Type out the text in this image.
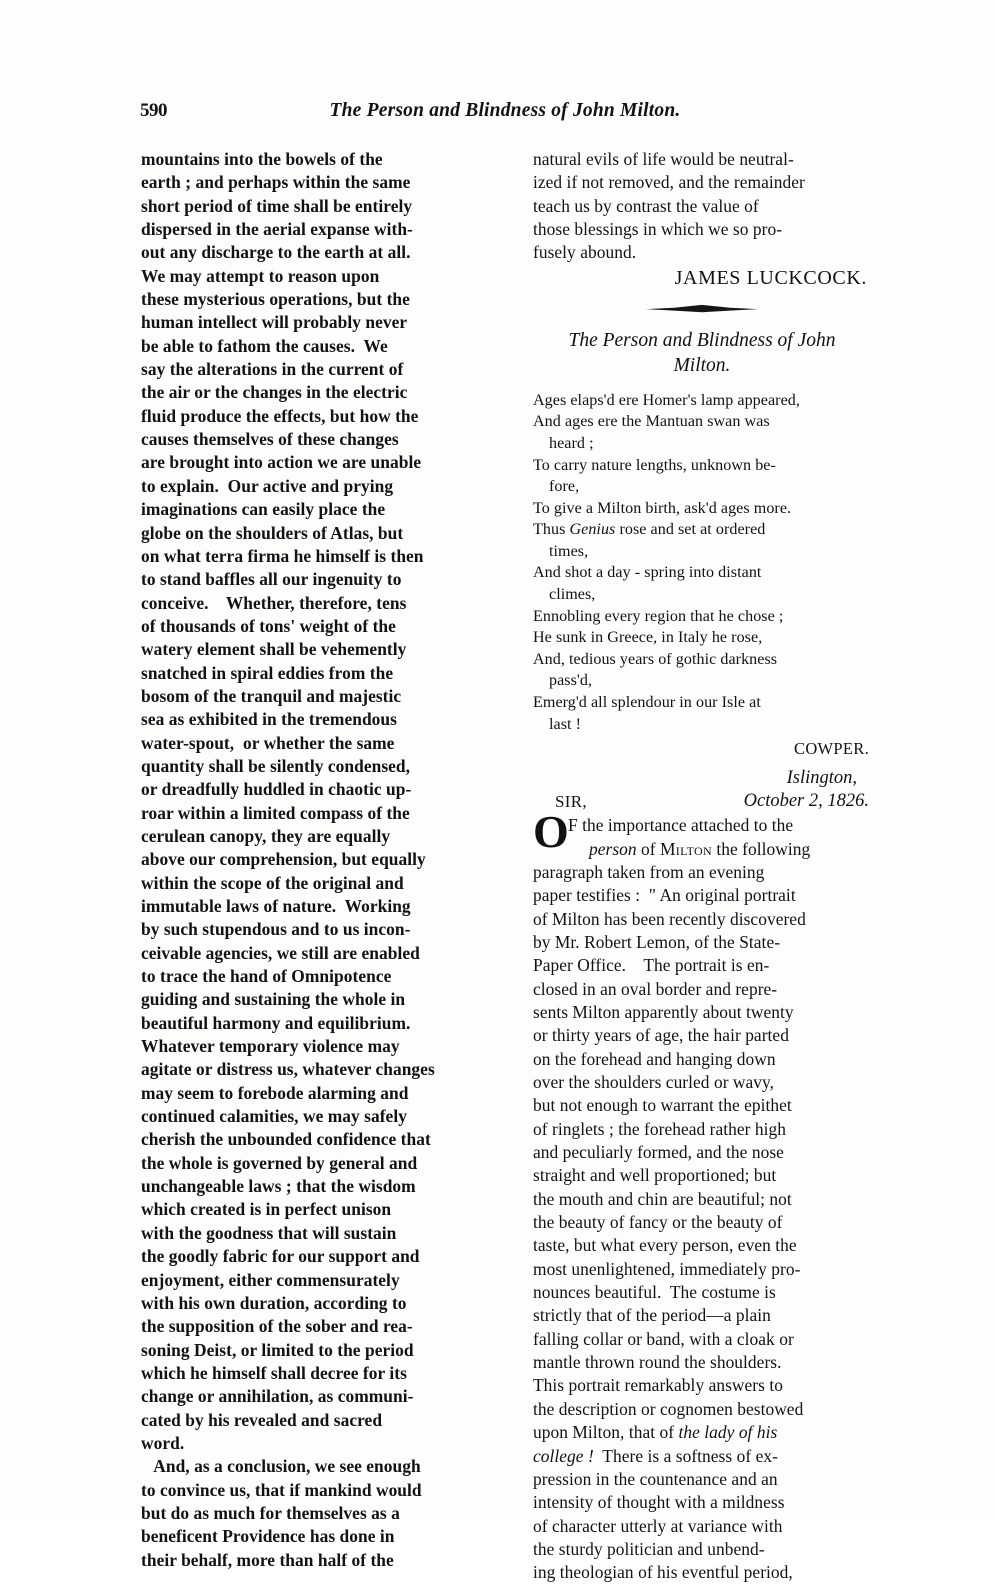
590	The Person and Blindness of John Milton.
mountains into the bowels of the
earth ; and perhaps within the same
short period of time shall be entirely
dispersed in the aerial expanse with-
out any discharge to the earth at all.
We may attempt to reason upon
these mysterious operations, but the
human intellect will probably never
be able to fathom the causes.  We
say the alterations in the current of
the air or the changes in the electric
fluid produce the effects, but how the
causes themselves of these changes
are brought into action we are unable
to explain.  Our active and prying
imaginations can easily place the
globe on the shoulders of Atlas, but
on what terra firma he himself is then
to stand baffles all our ingenuity to
conceive.    Whether, therefore, tens
of thousands of tons' weight of the
watery element shall be vehemently
snatched in spiral eddies from the
bosom of the tranquil and majestic
sea as exhibited in the tremendous
water-spout,  or whether the same
quantity shall be silently condensed,
or dreadfully huddled in chaotic up-
roar within a limited compass of the
cerulean canopy, they are equally
above our comprehension, but equally
within the scope of the original and
immutable laws of nature.  Working
by such stupendous and to us incon-
ceivable agencies, we still are enabled
to trace the hand of Omnipotence
guiding and sustaining the whole in
beautiful harmony and equilibrium.
Whatever temporary violence may
agitate or distress us, whatever changes
may seem to forebode alarming and
continued calamities, we may safely
cherish the unbounded confidence that
the whole is governed by general and
unchangeable laws ; that the wisdom
which created is in perfect unison
with the goodness that will sustain
the goodly fabric for our support and
enjoyment, either commensurately
with his own duration, according to
the supposition of the sober and rea-
soning Deist, or limited to the period
which he himself shall decree for its
change or annihilation, as communi-
cated by his revealed and sacred
word.
And, as a conclusion, we see enough
to convince us, that if mankind would
but do as much for themselves as a
beneficent Providence has done in
their behalf, more than half of the
natural evils of life would be neutral-
ized if not removed, and the remainder
teach us by contrast the value of
those blessings in which we so pro-
fusely abound.
JAMES LUCKCOCK.
The Person and Blindness of John
Milton.
Ages elaps'd ere Homer's lamp appeared,
And ages ere the Mantuan swan was
heard ;
To carry nature lengths, unknown be-
fore,
To give a Milton birth, ask'd ages more.
Thus Genius rose and set at ordered
times,
And shot a day - spring into distant
climes,
Ennobling every region that he chose ;
He sunk in Greece, in Italy he rose,
And, tedious years of gothic darkness
pass'd,
Emerg'd all splendour in our Isle at
last !
COWPER.
Islington,
SIR,	October 2, 1826.
O F the importance attached to the
person of Milton the following
paragraph taken from an evening
paper testifies :  " An original portrait
of Milton has been recently discovered
by Mr. Robert Lemon, of the State-
Paper Office.    The portrait is en-
closed in an oval border and repre-
sents Milton apparently about twenty
or thirty years of age, the hair parted
on the forehead and hanging down
over the shoulders curled or wavy,
but not enough to warrant the epithet
of ringlets ; the forehead rather high
and peculiarly formed, and the nose
straight and well proportioned; but
the mouth and chin are beautiful; not
the beauty of fancy or the beauty of
taste, but what every person, even the
most unenlightened, immediately pro-
nounces beautiful.  The costume is
strictly that of the period—a plain
falling collar or band, with a cloak or
mantle thrown round the shoulders.
This portrait remarkably answers to
the description or cognomen bestowed
upon Milton, that of the lady of his
college !  There is a softness of ex-
pression in the countenance and an
intensity of thought with a mildness
of character utterly at variance with
the sturdy politician and unbend-
ing theologian of his eventful period,
